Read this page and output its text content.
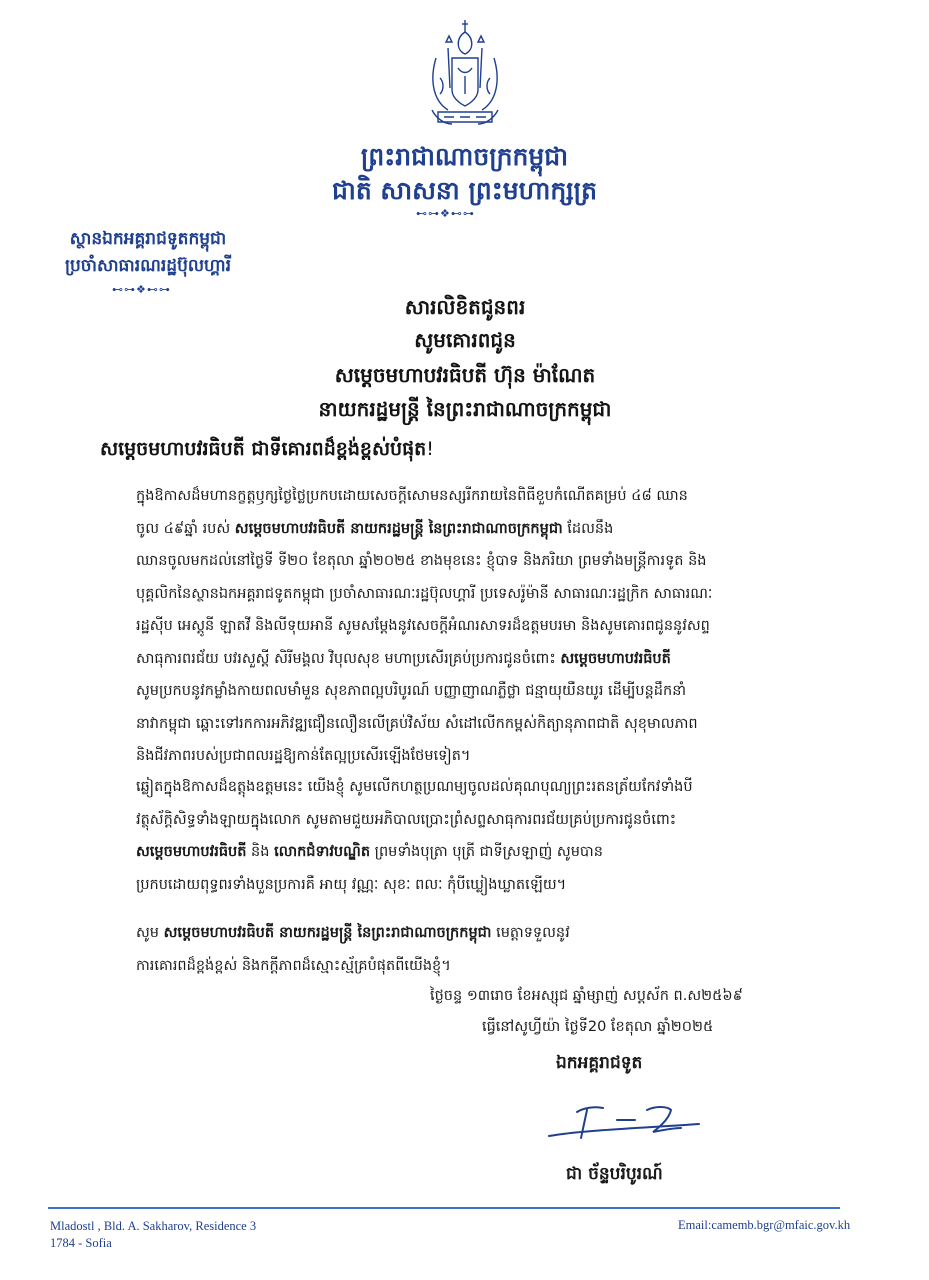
ព្រះរាជាណាចក្រកម្ពុជា
ជាតិ សាសនា ព្រះមហាក្សត្រ
⊷⊶❖⊷⊶
ស្ថានឯកអគ្គរាជទូតកម្ពុជា
ប្រចាំសាធារណរដ្ឋប៊ុលហ្គារី
⊷⊶❖⊷⊶
សារលិខិតជូនពរ
សូមគោរពជូន
សម្តេចមហាបវរធិបតី ហ៊ុន ម៉ាណែត
នាយករដ្ឋមន្ត្រី នៃព្រះរាជាណាចក្រកម្ពុជា
សម្តេចមហាបវរធិបតី ជាទីគោរពដ៏ខ្ពង់ខ្ពស់បំផុត!
ក្នុងឱកាសដ៏មហានក្ខត្តឫក្សថ្ងៃថ្លៃប្រកបដោយសេចក្តីសោមនស្សរីករាយនៃពិធីខួបកំណើតគម្រប់ ៤៨ ឈាន
ចូល ៤៩ឆ្នាំ របស់ សម្តេចមហាបវរធិបតី នាយករដ្ឋមន្ត្រី នៃព្រះរាជាណាចក្រកម្ពុជា ដែលនឹង
ឈានចូលមកដល់នៅថ្ងៃទី ទី២០ ខែតុលា ឆ្នាំ២០២៥ ខាងមុខនេះ ខ្ញុំបាទ និងភរិយា ព្រមទាំងមន្ត្រីការទូត និង
បុគ្គលិកនៃស្ថានឯកអគ្គរាជទូតកម្ពុជា ប្រចាំសាធារណៈរដ្ឋប៊ុលហ្គារី ប្រទេសរ៉ូម៉ានី សាធារណៈរដ្ឋក្រិក សាធារណៈ
រដ្ឋស៊ីប អេស្តូនី ឡាតវី និងលីទុយអានី សូមសម្តែងនូវសេចក្តីអំណរសាទរដ៏ឧត្តមបរមា និងសូមគោរពជូននូវសព្ទ
សាធុការពរជ័យ បវរសួស្តី សិរីមង្គល វិបុលសុខ មហាប្រសើរគ្រប់ប្រការជូនចំពោះ សម្តេចមហាបវរធិបតី
សូមប្រកបនូវកម្លាំងកាយពលមាំមួន សុខភាពល្អបរិបូរណ៍ បញ្ញាញាណភ្លឺថ្លា ជន្មាយុយឺនយូរ ដើម្បីបន្តដឹកនាំ
នាវាកម្ពុជា ឆ្ពោះទៅរកការអភិវឌ្ឍជឿនលឿនលើគ្រប់វិស័យ សំដៅលើកកម្ពស់កិត្យានុភាពជាតិ សុខុមាលភាព
និងជីវភាពរបស់ប្រជាពលរដ្ឋឱ្យកាន់តែល្អប្រសើរឡើងថែមទៀត។
ឆ្លៀតក្នុងឱកាសដ៏ឧត្តុងឧត្តមនេះ យើងខ្ញុំ សូមលើកហត្ថប្រណម្យចូលដល់គុណបុណ្យព្រះរតនត្រ័យកែវទាំងបី
វត្ថុស័ក្តិសិទ្ធទាំងឡាយក្នុងលោក សូមតាមជួយអភិបាលប្រោះព្រំសព្ទសាធុការពរជ័យគ្រប់ប្រការជូនចំពោះ
សម្តេចមហាបវរធិបតី និង លោកជំទាវបណ្ឌិត ព្រមទាំងបុត្រា បុត្រី ជាទីស្រឡាញ់ សូមបាន
ប្រកបដោយពុទ្ធពរទាំងបួនប្រការគឺ អាយុ វណ្ណៈ សុខៈ ពលៈ កុំបីឃ្លៀងឃ្លាតឡើយ។
សូម សម្តេចមហាបវរធិបតី នាយករដ្ឋមន្ត្រី នៃព្រះរាជាណាចក្រកម្ពុជា មេត្តាទទួលនូវ
ការគោរពដ៏ខ្ពង់ខ្ពស់ និងកក្តីភាពដ៏ស្មោះស្ម័គ្របំផុតពីយើងខ្ញុំ។
ថ្ងៃចន្ទ ១៣រោច ខែអស្សុជ ឆ្នាំម្សាញ់ សប្តស័ក ព.ស២៥៦៩
ធ្វើនៅសូហ្វីយ៉ា ថ្ងៃទី20 ខែតុលា ឆ្នាំ២០២៥
ឯកអគ្គរាជទូត
ជា ច័ន្ទបរិបូរណ៍
Mladostl , Bld. A. Sakharov, Residence 3
1784 - Sofia
Email:camemb.bgr@mfaic.gov.kh
